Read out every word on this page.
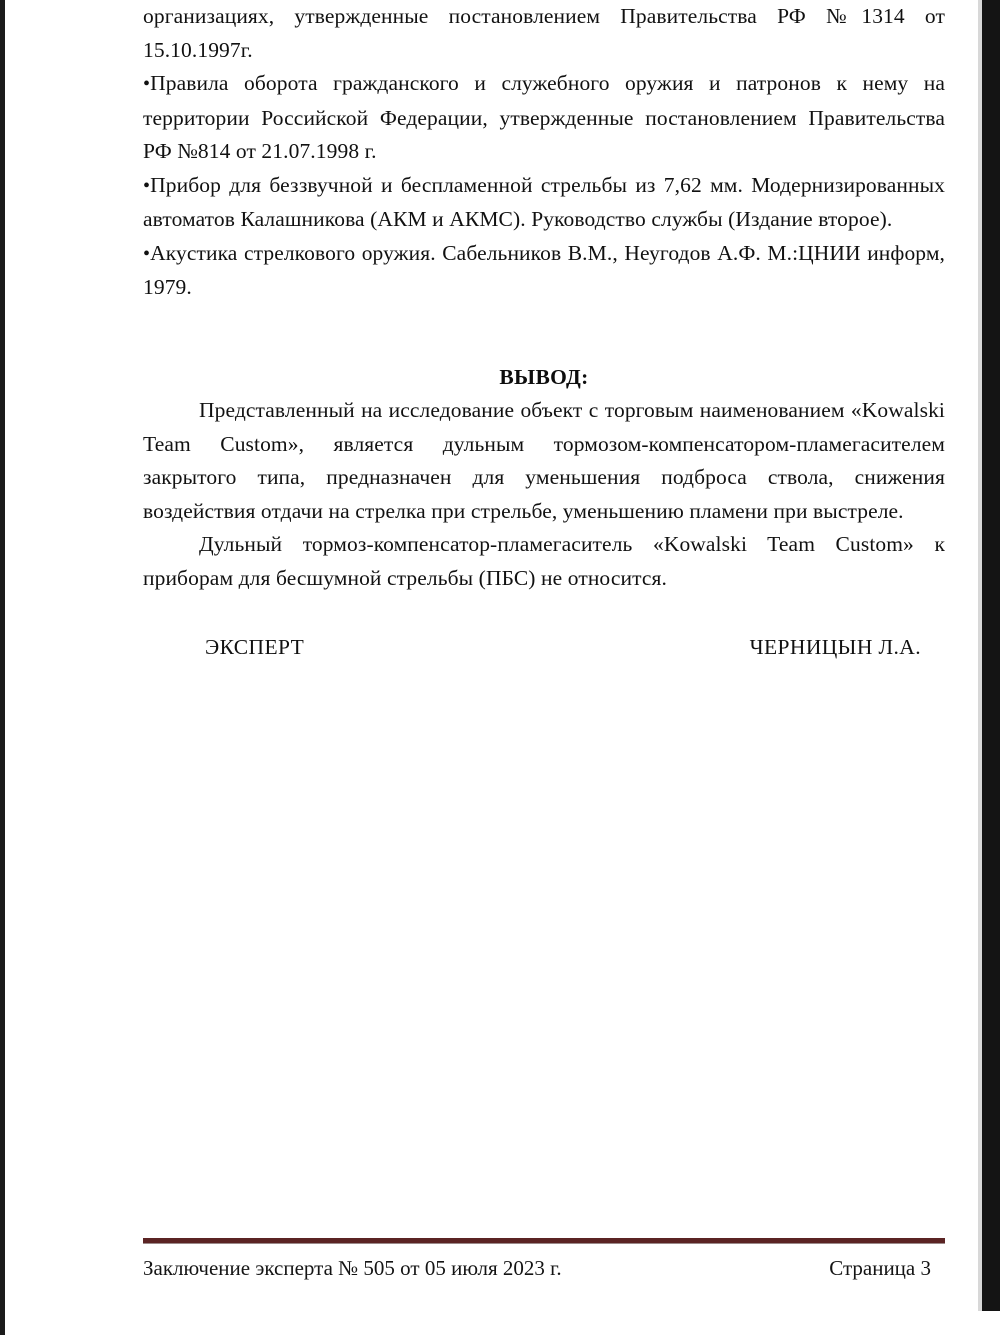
организациях, утвержденные постановлением Правительства РФ №1314 от 15.10.1997г.

•Правила оборота гражданского и служебного оружия и патронов к нему на территории Российской Федерации, утвержденные постановлением Правительства РФ №814 от 21.07.1998 г.

•Прибор для беззвучной и беспламенной стрельбы из 7,62 мм. Модернизированных автоматов Калашникова (АКМ и АКМС). Руководство службы (Издание второе).

•Акустика стрелкового оружия. Сабельников В.М., Неугодов А.Ф. М.:ЦНИИ информ, 1979.

ВЫВОД:

Представленный на исследование объект с торговым наименованием «Kowalski Team Custom», является дульным тормозом-компенсатором-пламегасителем закрытого типа, предназначен для уменьшения подброса ствола, снижения воздействия отдачи на стрелка при стрельбе, уменьшению пламени при выстреле.

Дульный тормоз-компенсатор-пламегаситель «Kowalski Team Custom» к приборам для бесшумной стрельбы (ПБС) не относится.

ЭКСПЕРТ	ЧЕРНИЦЫН Л.А.
Заключение эксперта № 505 от 05 июля 2023 г.	Страница 3
